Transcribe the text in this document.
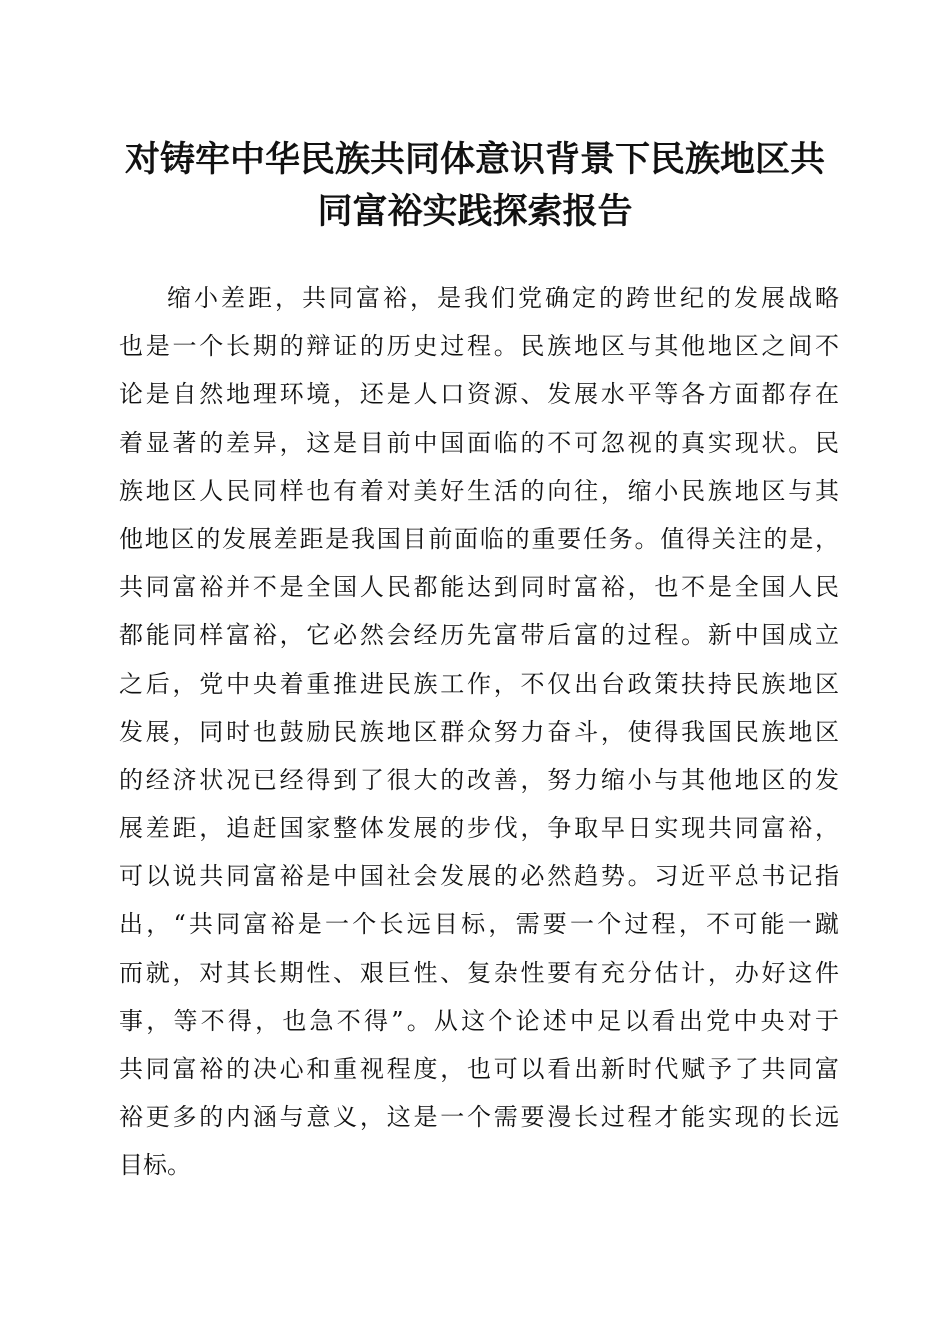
对铸牢中华民族共同体意识背景下民族地区共
同富裕实践探索报告
缩小差距，共同富裕，是我们党确定的跨世纪的发展战略
也是一个长期的辩证的历史过程。民族地区与其他地区之间不
论是自然地理环境，还是人口资源、发展水平等各方面都存在
着显著的差异，这是目前中国面临的不可忽视的真实现状。民
族地区人民同样也有着对美好生活的向往，缩小民族地区与其
他地区的发展差距是我国目前面临的重要任务。值得关注的是，
共同富裕并不是全国人民都能达到同时富裕，也不是全国人民
都能同样富裕，它必然会经历先富带后富的过程。新中国成立
之后，党中央着重推进民族工作，不仅出台政策扶持民族地区
发展，同时也鼓励民族地区群众努力奋斗，使得我国民族地区
的经济状况已经得到了很大的改善，努力缩小与其他地区的发
展差距，追赶国家整体发展的步伐，争取早日实现共同富裕，
可以说共同富裕是中国社会发展的必然趋势。习近平总书记指
出，“共同富裕是一个长远目标，需要一个过程，不可能一蹴
而就，对其长期性、艰巨性、复杂性要有充分估计，办好这件
事，等不得，也急不得”。从这个论述中足以看出党中央对于
共同富裕的决心和重视程度，也可以看出新时代赋予了共同富
裕更多的内涵与意义，这是一个需要漫长过程才能实现的长远
目标。
